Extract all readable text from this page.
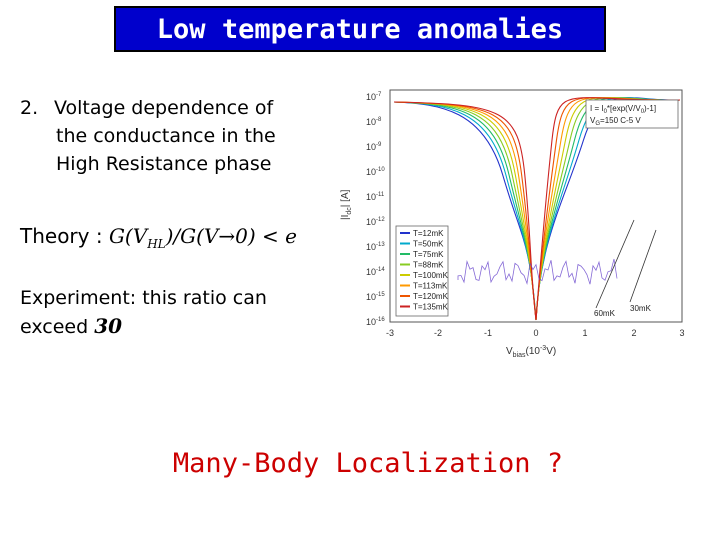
Low temperature anomalies
2. Voltage dependence of
the conductance in the
High Resistance phase
Theory : $G(V_{HL})/G(V\to 0) < e$
Experiment: this ratio can
exceed 30
$10^{-7}$
$10^{-8}$
$10^{-9}$
$10^{-10}$
$10^{-11}$
$10^{-12}$
$10^{-13}$
$10^{-14}$
$10^{-15}$
$10^{-16}$
$|I_{dc}|$ [A]
-3	-2	-1	0	1	2	3
$V_{bias}(10^{-3}V)$
$I = I_0*[\exp(V/V_0)-1]$
$V_G=150$ C-5 V
T=12mK
T=50mK
T=75mK
T=88mK
T=100mK
T=113mK
T=120mK
T=135mK
60mK
30mK
Many-Body Localization ?
